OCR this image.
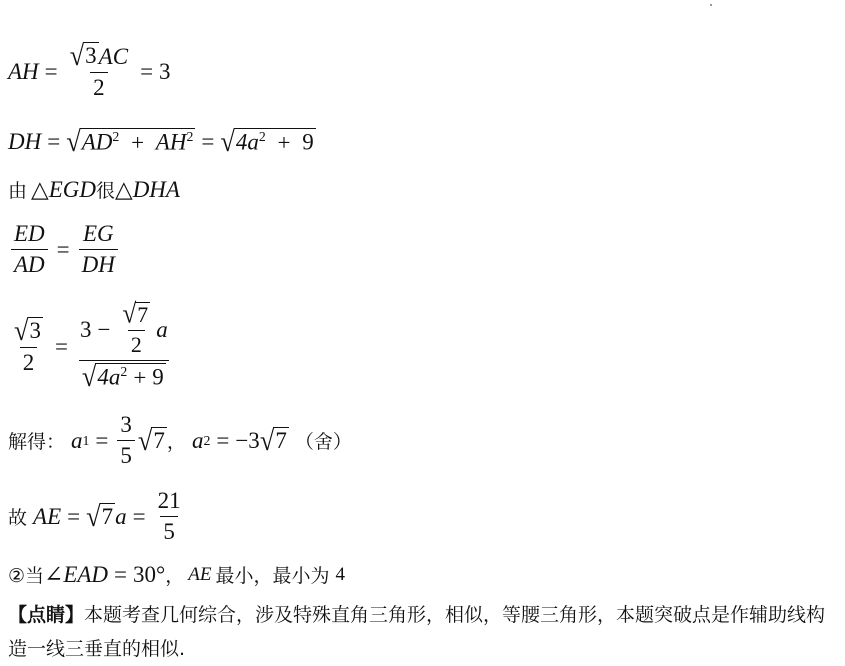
AH = $\frac{√ 3 AC}{2} = 3$
DH = √ $AD^2 + AH^2$ = √ $4a^2 + 9$
由 △EGD 很 △DHA
$\frac{ED}{AD} = \frac{EG}{DH}$
$\frac{√ 3}{2} = \frac{3 - \frac{√ 7}{2} a}{√ 4a^2 + 9}$
解得： a $1 = \frac{3}{5}$ √ 7 ， a 2 = −3 √ 7 （舍）
故 AE = √ 7 $a = \frac{21}{5}$
②当 ∠EAD = 30° ， AE 最小，最小为 4
【点睛】本题考查几何综合，涉及特殊直角三角形，相似，等腰三角形，本题突破点是作辅助线构造一线三垂直的相似.
